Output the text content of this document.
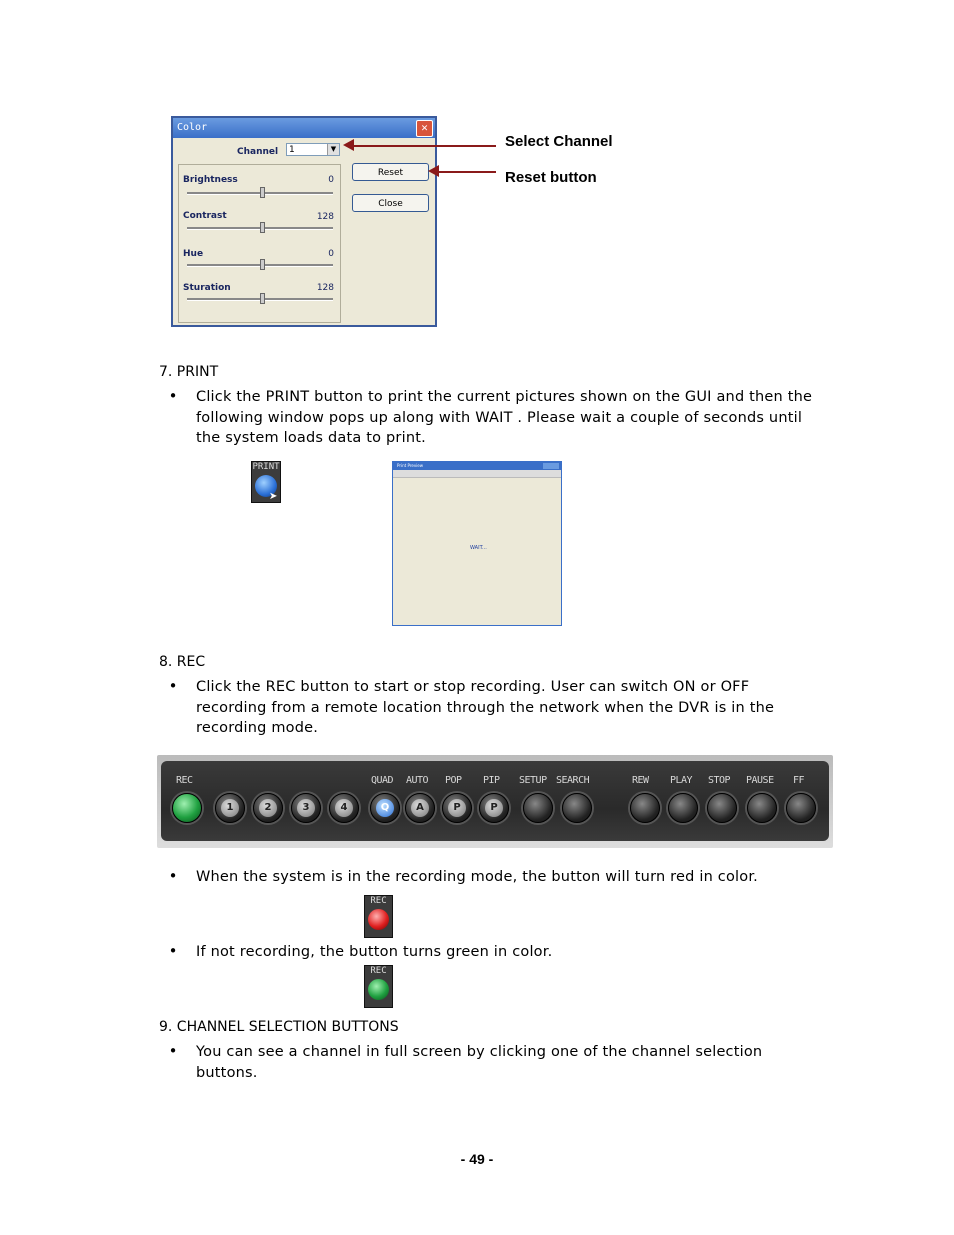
Color	✕
Channel	1	▼
Brightness	0
Contrast	128
Hue	0
Sturation	128
Reset
Close
Select Channel
Reset button
7. PRINT
• Click the PRINT button to print the current pictures shown on the GUI and then the following window pops up along with WAIT . Please wait a couple of seconds until the system loads data to print.
PRINT
➤
Print Preview
WAIT...
8. REC
• Click the REC button to start or stop recording. User can switch ON or OFF recording from a remote location through the network when the DVR is in the recording mode.
REC	QUAD AUTO POP PIP SETUP SEARCH	REW PLAY STOP PAUSE FF
1	2	3	4	Q	A	P	P
• When the system is in the recording mode, the button will turn red in color.
REC
• If not recording, the button turns green in color.
REC
9. CHANNEL SELECTION BUTTONS
• You can see a channel in full screen by clicking one of the channel selection buttons.
- 49 -
